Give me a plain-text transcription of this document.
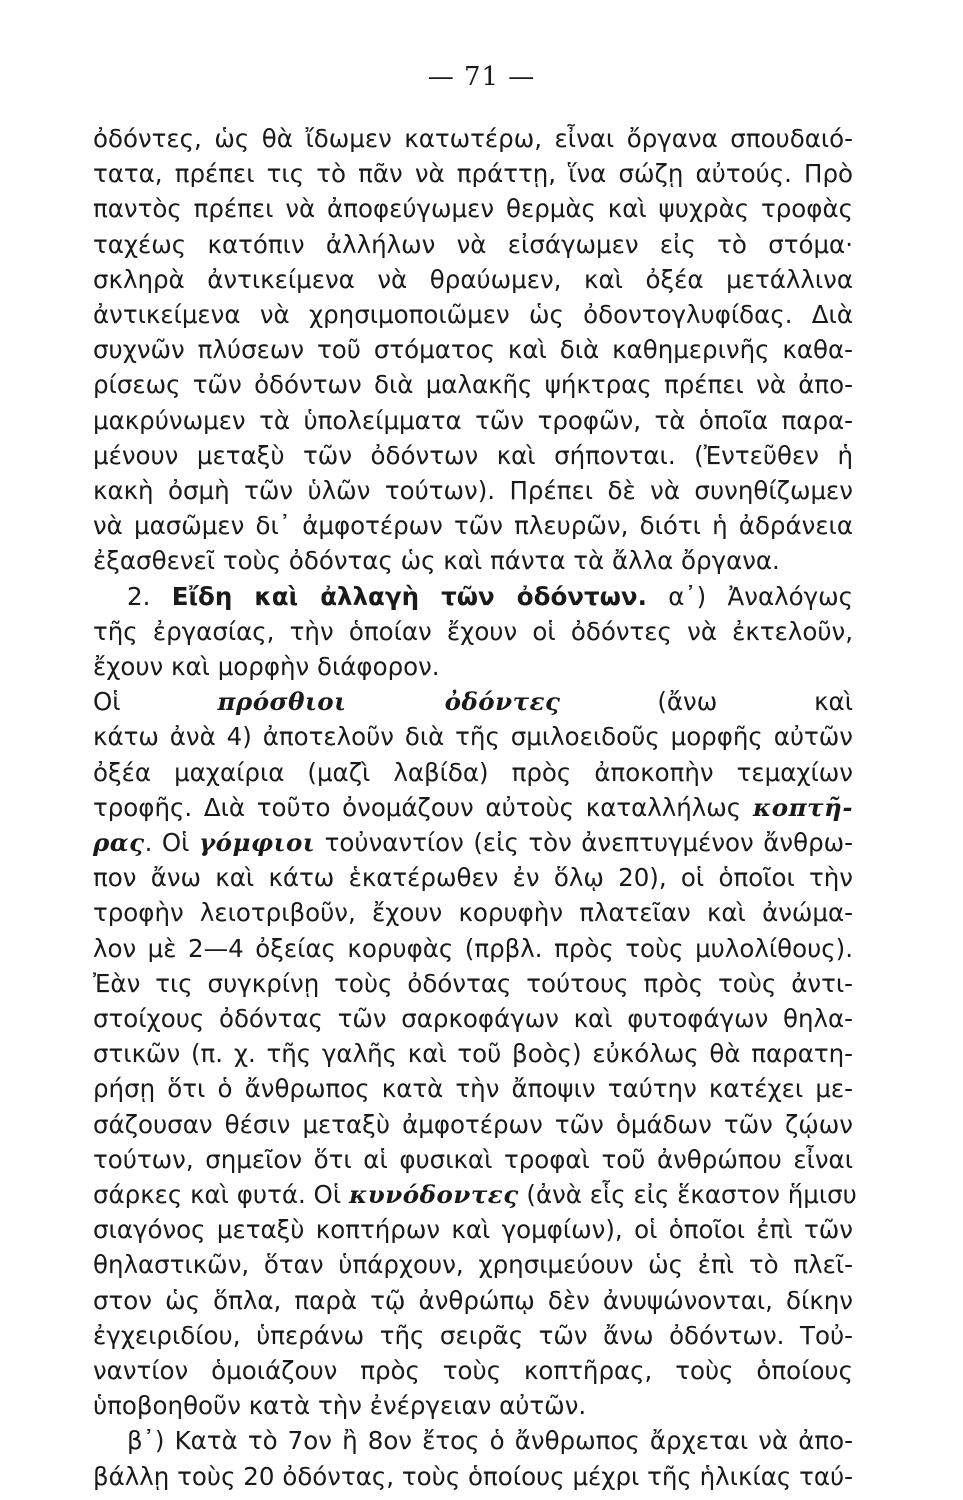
— 71 —
ὀδόντες, ὡς θὰ ἴδωμεν κατωτέρω, εἶναι ὄργανα σπουδαιό-
τατα, πρέπει τις τὸ πᾶν νὰ πράττῃ, ἵνα σώζῃ αὐτούς. Πρὸ
παντὸς πρέπει νὰ ἀποφεύγωμεν θερμὰς καὶ ψυχρὰς τροφὰς
ταχέως κατόπιν ἀλλήλων νὰ εἰσάγωμεν εἰς τὸ στόμα·
σκληρὰ ἀντικείμενα νὰ θραύωμεν, καὶ ὀξέα μετάλλινα
ἀντικείμενα νὰ χρησιμοποιῶμεν ὡς ὀδοντογλυφίδας. Διὰ
συχνῶν πλύσεων τοῦ στόματος καὶ διὰ καθημερινῆς καθα-
ρίσεως τῶν ὀδόντων διὰ μαλακῆς ψήκτρας πρέπει νὰ ἀπο-
μακρύνωμεν τὰ ὑπολείμματα τῶν τροφῶν, τὰ ὁποῖα παρα-
μένουν μεταξὺ τῶν ὀδόντων καὶ σήπονται. (Ἐντεῦθεν ἡ
κακὴ ὀσμὴ τῶν ὑλῶν τούτων). Πρέπει δὲ νὰ συνηθίζωμεν
νὰ μασῶμεν δι᾽ ἀμφοτέρων τῶν πλευρῶν, διότι ἡ ἀδράνεια
ἐξασθενεῖ τοὺς ὀδόντας ὡς καὶ πάντα τὰ ἄλλα ὄργανα.
2. Εἴδη καὶ ἀλλαγὴ τῶν ὀδόντων. α᾽) Ἀναλόγως
τῆς ἐργασίας, τὴν ὁποίαν ἔχουν οἱ ὀδόντες νὰ ἐκτελοῦν,
ἔχουν καὶ μορφὴν διάφορον.
Οἱ πρόσθιοι ὀδόντες (ἄνω καὶ
κάτω ἀνὰ 4) ἀποτελοῦν διὰ τῆς σμιλοειδοῦς μορφῆς αὐτῶν
ὀξέα μαχαίρια (μαζὶ λαβίδα) πρὸς ἀποκοπὴν τεμαχίων
τροφῆς. Διὰ τοῦτο ὀνομάζουν αὐτοὺς καταλλήλως κοπτῆ-
ρας. Οἱ γόμφιοι τοὐναντίον (εἰς τὸν ἀνεπτυγμένον ἄνθρω-
πον ἄνω καὶ κάτω ἑκατέρωθεν ἐν ὅλῳ 20), οἱ ὁποῖοι τὴν
τροφὴν λειοτριβοῦν, ἔχουν κορυφὴν πλατεῖαν καὶ ἀνώμα-
λον μὲ 2—4 ὀξείας κορυφὰς (πρβλ. πρὸς τοὺς μυλολίθους).
Ἐὰν τις συγκρίνῃ τοὺς ὀδόντας τούτους πρὸς τοὺς ἀντι-
στοίχους ὀδόντας τῶν σαρκοφάγων καὶ φυτοφάγων θηλα-
στικῶν (π. χ. τῆς γαλῆς καὶ τοῦ βοὸς) εὐκόλως θὰ παρατη-
ρήσῃ ὅτι ὁ ἄνθρωπος κατὰ τὴν ἄποψιν ταύτην κατέχει με-
σάζουσαν θέσιν μεταξὺ ἀμφοτέρων τῶν ὁμάδων τῶν ζῴων
τούτων, σημεῖον ὅτι αἱ φυσικαὶ τροφαὶ τοῦ ἀνθρώπου εἶναι
σάρκες καὶ φυτά. Οἱ κυνόδοντες (ἀνὰ εἷς εἰς ἕκαστον ἥμισυ
σιαγόνος μεταξὺ κοπτήρων καὶ γομφίων), οἱ ὁποῖοι ἐπὶ τῶν
θηλαστικῶν, ὅταν ὑπάρχουν, χρησιμεύουν ὡς ἐπὶ τὸ πλεῖ-
στον ὡς ὅπλα, παρὰ τῷ ἀνθρώπῳ δὲν ἀνυψώνονται, δίκην
ἐγχειριδίου, ὑπεράνω τῆς σειρᾶς τῶν ἄνω ὀδόντων. Τοὐ-
ναντίον ὁμοιάζουν πρὸς τοὺς κοπτῆρας, τοὺς ὁποίους
ὑποβοηθοῦν κατὰ τὴν ἐνέργειαν αὐτῶν.
β᾽) Κατὰ τὸ 7ον ἢ 8ον ἔτος ὁ ἄνθρωπος ἄρχεται νὰ ἀπο-
βάλλῃ τοὺς 20 ὀδόντας, τοὺς ὁποίους μέχρι τῆς ἡλικίας ταύ-
